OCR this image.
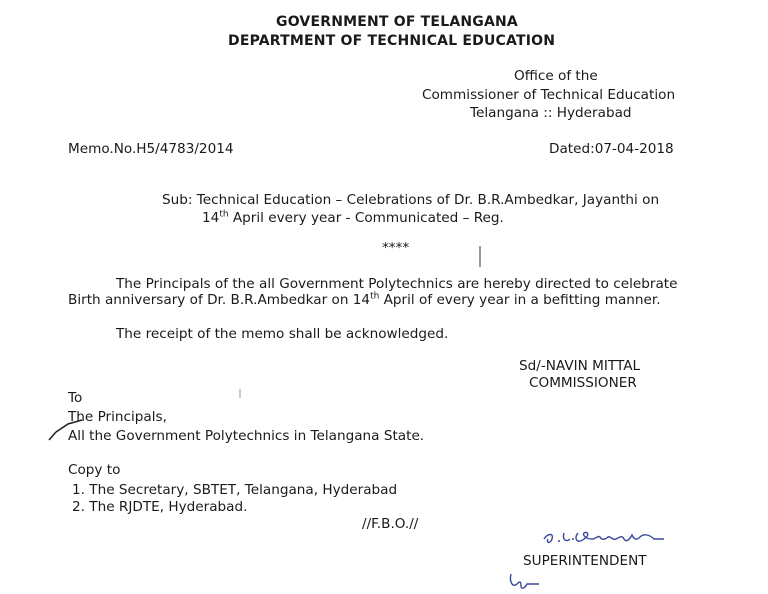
GOVERNMENT OF TELANGANA
DEPARTMENT OF TECHNICAL EDUCATION
Office of the
Commissioner of Technical Education
Telangana :: Hyderabad
Memo.No.H5/4783/2014	Dated:07-04-2018
Sub: Technical Education – Celebrations of Dr. B.R.Ambedkar, Jayanthi on
14th April every year - Communicated – Reg.
****
The Principals of the all Government Polytechnics are hereby directed to celebrate
Birth anniversary of Dr. B.R.Ambedkar on 14th April of every year in a befitting manner.
The receipt of the memo shall be acknowledged.
Sd/-NAVIN MITTAL
COMMISSIONER
To
The Principals,
All the Government Polytechnics in Telangana State.
Copy to
1. The Secretary, SBTET, Telangana, Hyderabad
2. The RJDTE, Hyderabad.
//F.B.O.//
SUPERINTENDENT
